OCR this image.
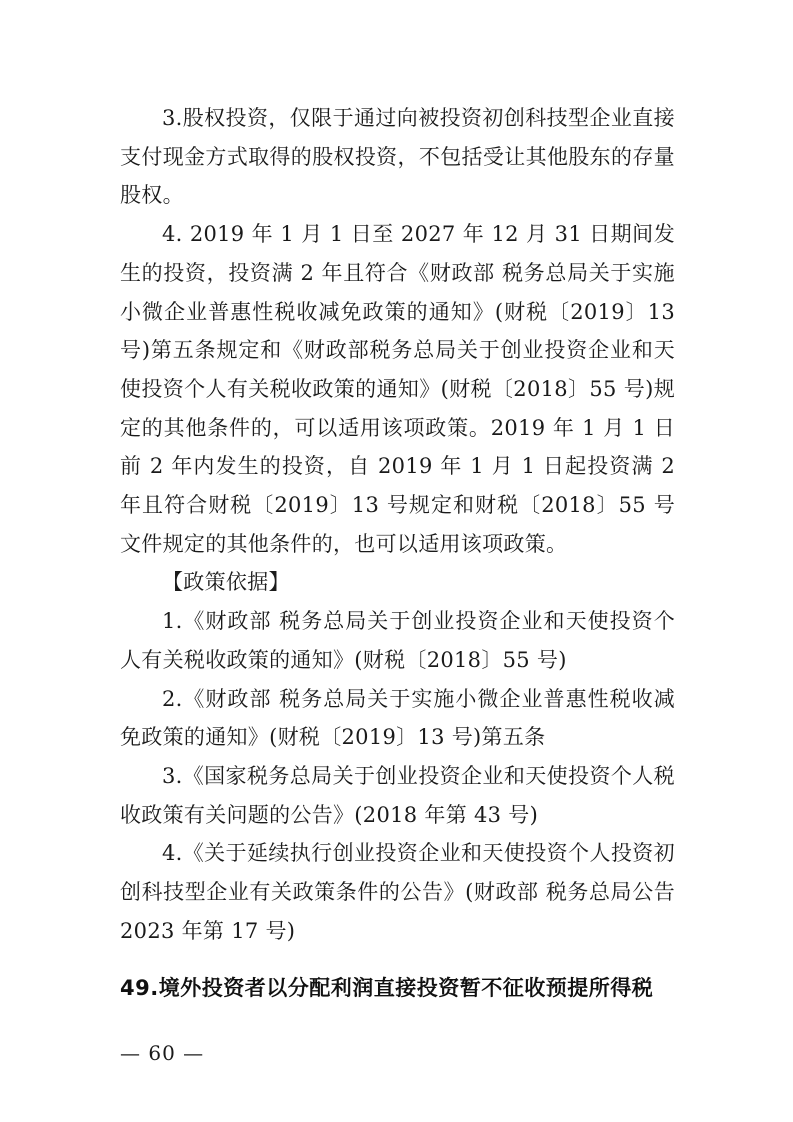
3.股权投资，仅限于通过向被投资初创科技型企业直接支付现金方式取得的股权投资，不包括受让其他股东的存量股权。

4. 2019 年 1 月 1 日至 2027 年 12 月 31 日期间发生的投资，投资满 2 年且符合《财政部 税务总局关于实施小微企业普惠性税收减免政策的通知》(财税〔2019〕13 号)第五条规定和《财政部税务总局关于创业投资企业和天使投资个人有关税收政策的通知》(财税〔2018〕55 号)规定的其他条件的，可以适用该项政策。2019 年 1 月 1 日前 2 年内发生的投资，自 2019 年 1 月 1 日起投资满 2 年且符合财税〔2019〕13 号规定和财税〔2018〕55 号文件规定的其他条件的，也可以适用该项政策。

【政策依据】

1.《财政部 税务总局关于创业投资企业和天使投资个人有关税收政策的通知》(财税〔2018〕55 号)

2.《财政部 税务总局关于实施小微企业普惠性税收减免政策的通知》(财税〔2019〕13 号)第五条

3.《国家税务总局关于创业投资企业和天使投资个人税收政策有关问题的公告》(2018 年第 43 号)

4.《关于延续执行创业投资企业和天使投资个人投资初创科技型企业有关政策条件的公告》(财政部 税务总局公告 2023 年第 17 号)

49.境外投资者以分配利润直接投资暂不征收预提所得税

— 60 —
